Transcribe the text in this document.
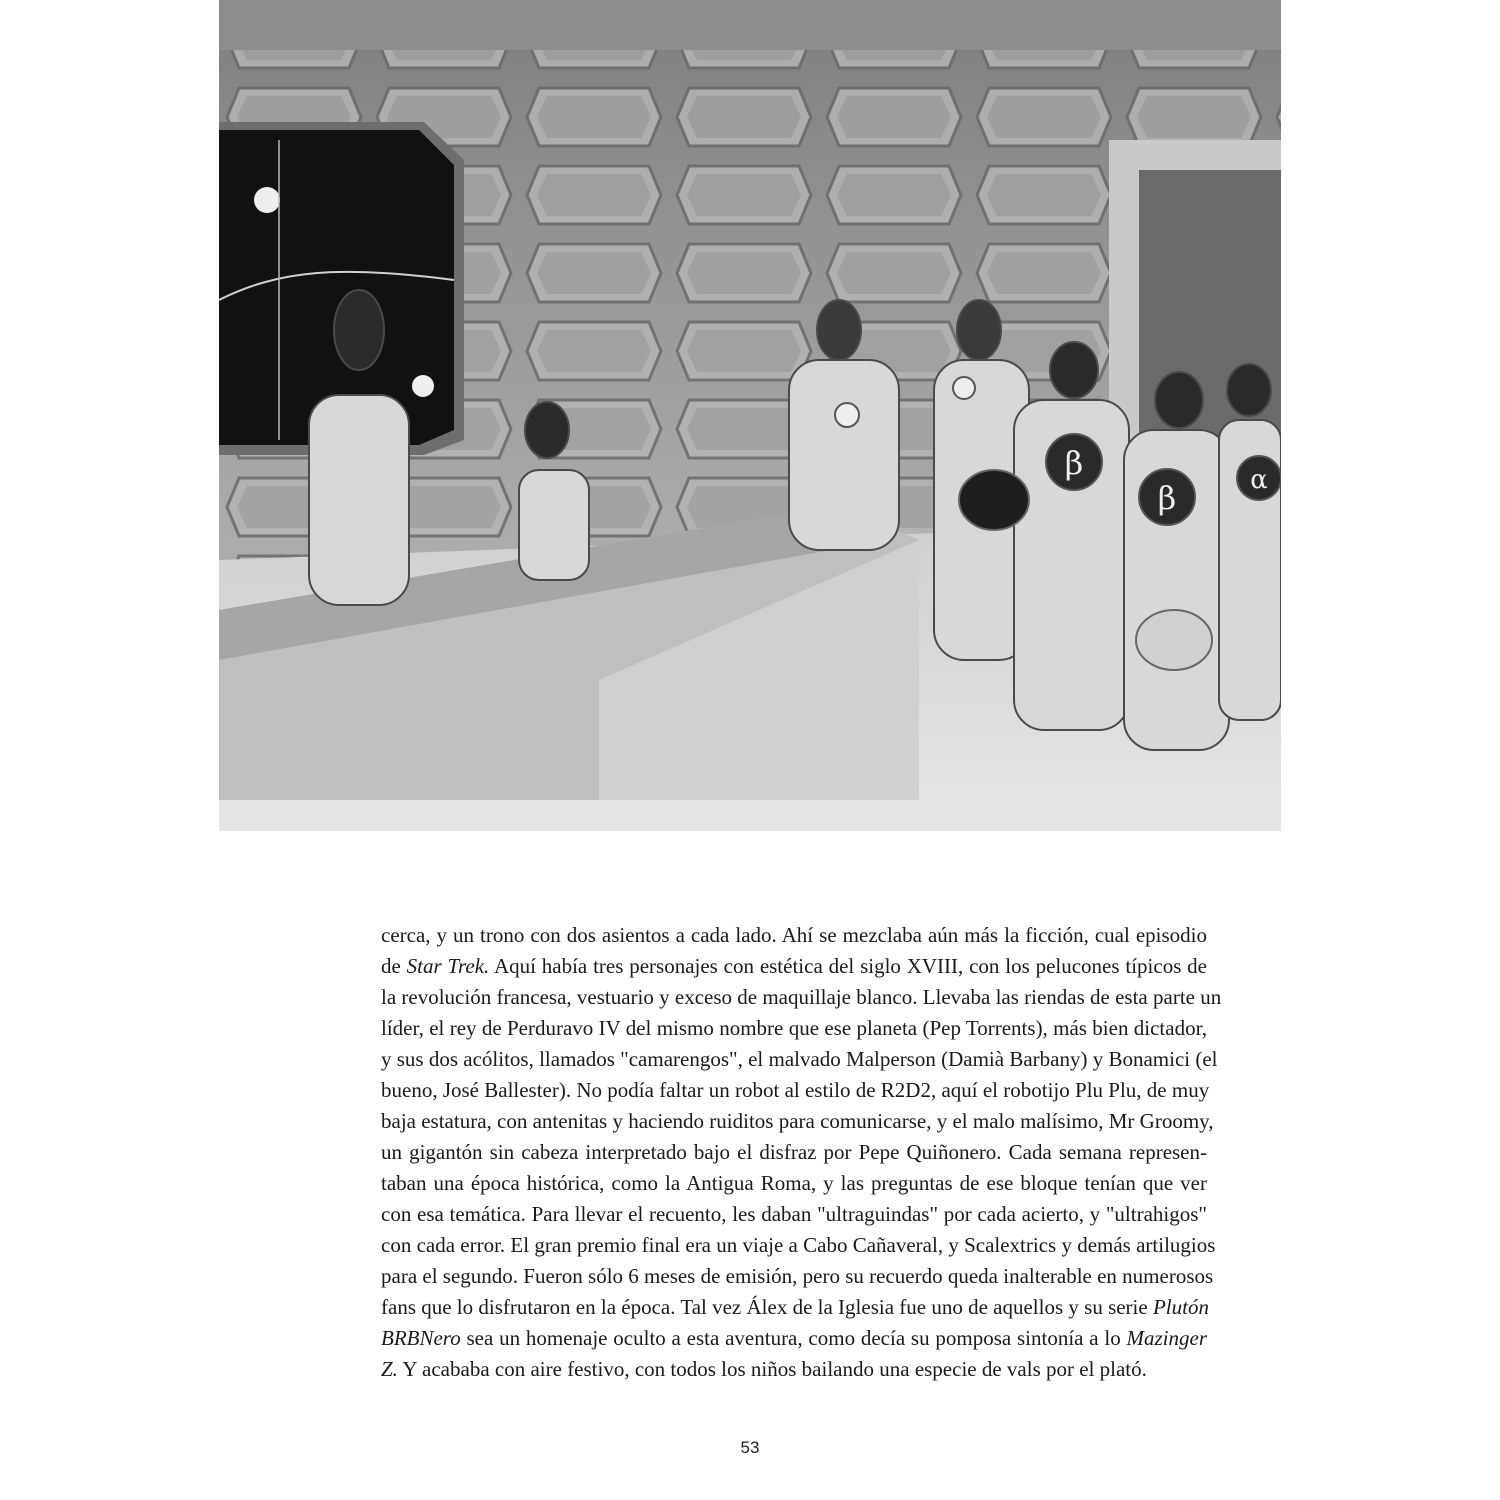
β
β	α
cerca, y un trono con dos asientos a cada lado. Ahí se mezclaba aún más la ficción, cual episodio
de Star Trek. Aquí había tres personajes con estética del siglo XVIII, con los pelucones típicos de
la revolución francesa, vestuario y exceso de maquillaje blanco. Llevaba las riendas de esta parte un
líder, el rey de Perduravo IV del mismo nombre que ese planeta (Pep Torrents), más bien dictador,
y sus dos acólitos, llamados "camarengos", el malvado Malperson (Damià Barbany) y Bonamici (el
bueno, José Ballester). No podía faltar un robot al estilo de R2D2, aquí el robotijo Plu Plu, de muy
baja estatura, con antenitas y haciendo ruiditos para comunicarse, y el malo malísimo, Mr Groomy,
un gigantón sin cabeza interpretado bajo el disfraz por Pepe Quiñonero. Cada semana represen-
taban una época histórica, como la Antigua Roma, y las preguntas de ese bloque tenían que ver
con esa temática. Para llevar el recuento, les daban "ultraguindas" por cada acierto, y "ultrahigos"
con cada error. El gran premio final era un viaje a Cabo Cañaveral, y Scalextrics y demás artilugios
para el segundo. Fueron sólo 6 meses de emisión, pero su recuerdo queda inalterable en numerosos
fans que lo disfrutaron en la época. Tal vez Álex de la Iglesia fue uno de aquellos y su serie Plutón
BRBNero sea un homenaje oculto a esta aventura, como decía su pomposa sintonía a lo Mazinger
Z. Y acababa con aire festivo, con todos los niños bailando una especie de vals por el plató.
53
